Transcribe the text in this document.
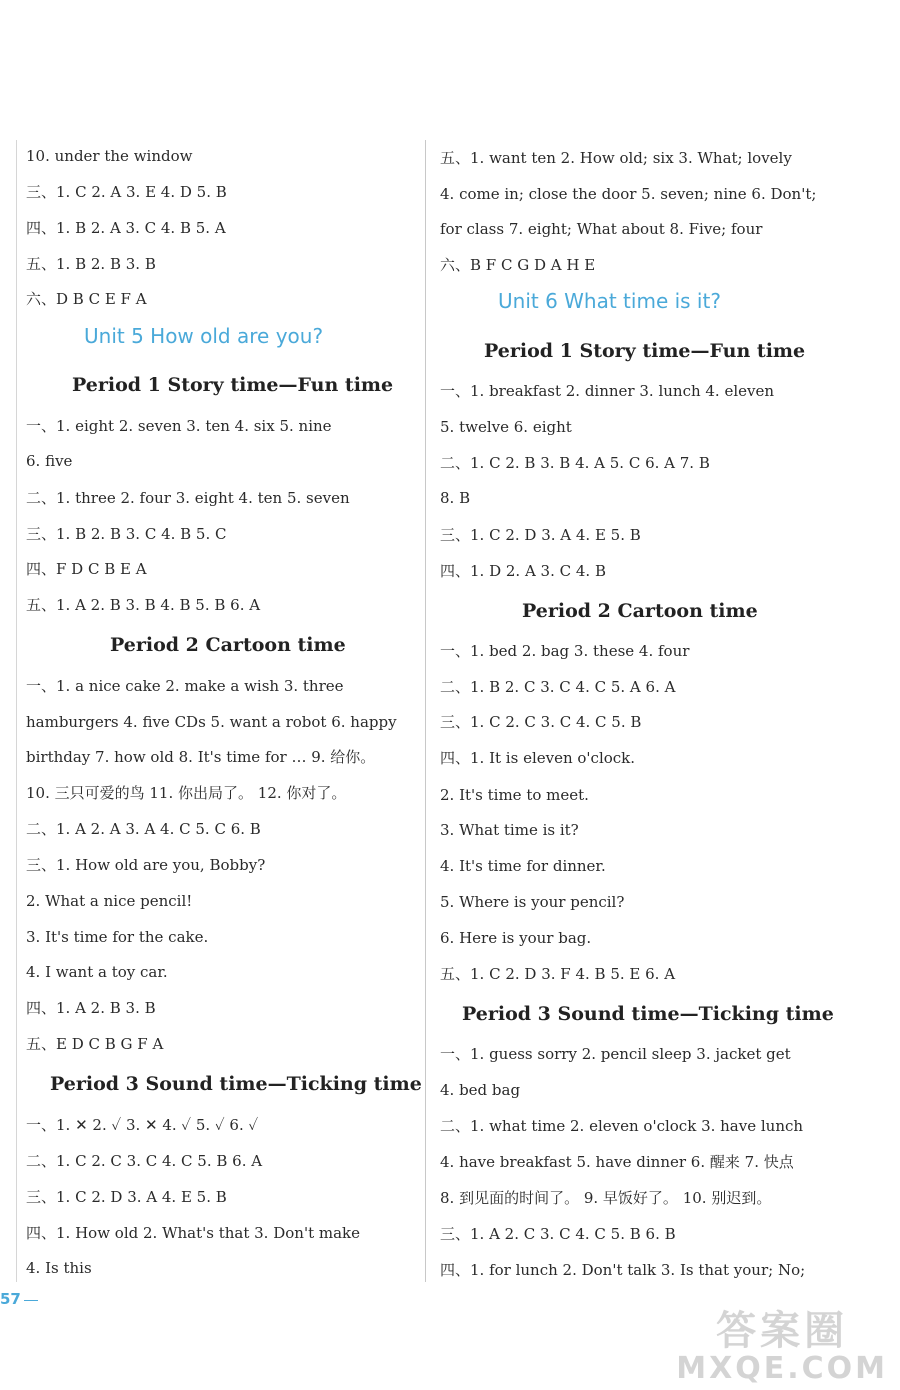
10. under the window
三、1. C 2. A 3. E 4. D 5. B
四、1. B 2. A 3. C 4. B 5. A
五、1. B 2. B 3. B
六、D B C E F A
Unit 5 How old are you?
Period 1 Story time—Fun time
一、1. eight 2. seven 3. ten 4. six 5. nine
6. five
二、1. three 2. four 3. eight 4. ten 5. seven
三、1. B 2. B 3. C 4. B 5. C
四、F D C B E A
五、1. A 2. B 3. B 4. B 5. B 6. A
Period 2 Cartoon time
一、1. a nice cake 2. make a wish 3. three
hamburgers 4. five CDs 5. want a robot 6. happy
birthday 7. how old 8. It's time for … 9. 给你。
10. 三只可爱的鸟 11. 你出局了。 12. 你对了。
二、1. A 2. A 3. A 4. C 5. C 6. B
三、1. How old are you, Bobby?
2. What a nice pencil!
3. It's time for the cake.
4. I want a toy car.
四、1. A 2. B 3. B
五、E D C B G F A
Period 3 Sound time—Ticking time
一、1. ✕ 2. ✓ 3. ✕ 4. ✓ 5. ✓ 6. ✓
二、1. C 2. C 3. C 4. C 5. B 6. A
三、1. C 2. D 3. A 4. E 5. B
四、1. How old 2. What's that 3. Don't make
4. Is this
五、1. want ten 2. How old; six 3. What; lovely
4. come in; close the door 5. seven; nine 6. Don't;
for class 7. eight; What about 8. Five; four
六、B F C G D A H E
Unit 6 What time is it?
Period 1 Story time—Fun time
一、1. breakfast 2. dinner 3. lunch 4. eleven
5. twelve 6. eight
二、1. C 2. B 3. B 4. A 5. C 6. A 7. B
8. B
三、1. C 2. D 3. A 4. E 5. B
四、1. D 2. A 3. C 4. B
Period 2 Cartoon time
一、1. bed 2. bag 3. these 4. four
二、1. B 2. C 3. C 4. C 5. A 6. A
三、1. C 2. C 3. C 4. C 5. B
四、1. It is eleven o'clock.
2. It's time to meet.
3. What time is it?
4. It's time for dinner.
5. Where is your pencil?
6. Here is your bag.
五、1. C 2. D 3. F 4. B 5. E 6. A
Period 3 Sound time—Ticking time
一、1. guess sorry 2. pencil sleep 3. jacket get
4. bed bag
二、1. what time 2. eleven o'clock 3. have lunch
4. have breakfast 5. have dinner 6. 醒来 7. 快点
8. 到见面的时间了。 9. 早饭好了。 10. 别迟到。
三、1. A 2. C 3. C 4. C 5. B 6. B
四、1. for lunch 2. Don't talk 3. Is that your; No;
57
答案圈
MXQE.COM
